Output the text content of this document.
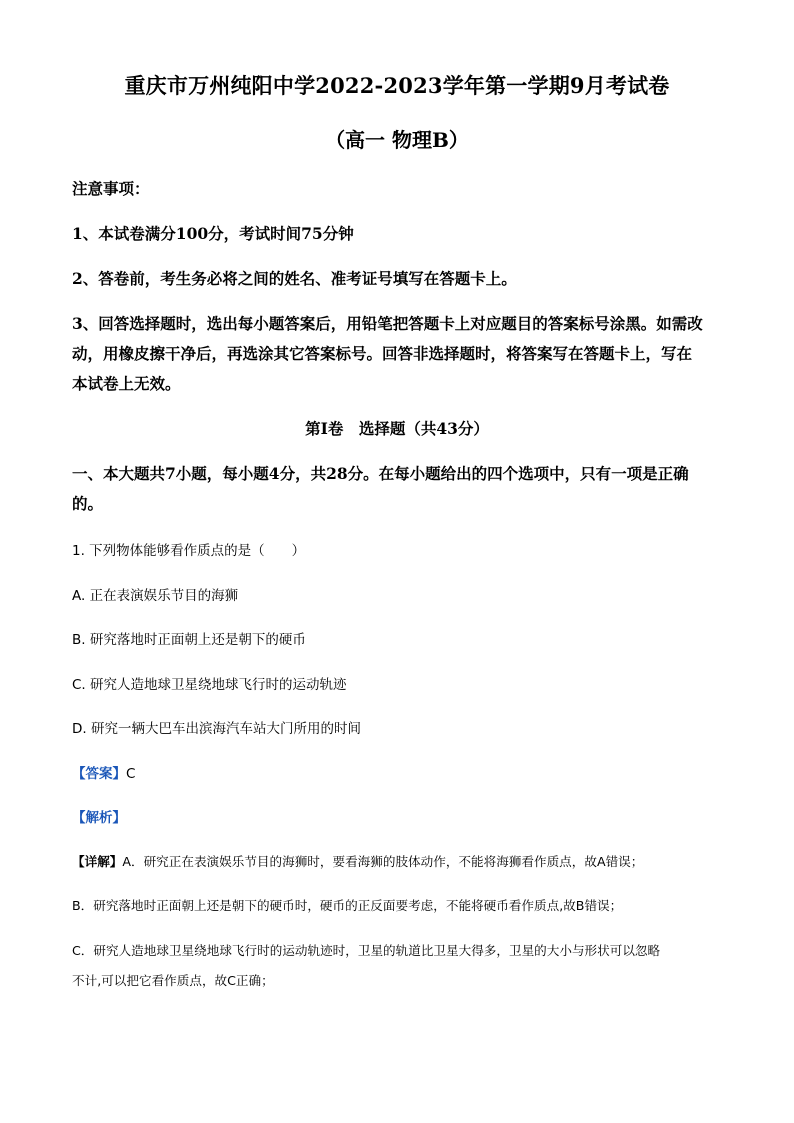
重庆市万州纯阳中学2022-2023学年第一学期9月考试卷
（高一 物理B）
注意事项：
1、本试卷满分100分，考试时间75分钟
2、答卷前，考生务必将之间的姓名、准考证号填写在答题卡上。
3、回答选择题时，选出每小题答案后，用铅笔把答题卡上对应题目的答案标号涂黑。如需改
动，用橡皮擦干净后，再选涂其它答案标号。回答非选择题时，将答案写在答题卡上，写在
本试卷上无效。
第Ⅰ卷　选择题（共43分）
一、本大题共7小题，每小题4分，共28分。在每小题给出的四个选项中，只有一项是正确
的。
1. 下列物体能够看作质点的是（　　）
A. 正在表演娱乐节目的海狮
B. 研究落地时正面朝上还是朝下的硬币
C. 研究人造地球卫星绕地球飞行时的运动轨迹
D. 研究一辆大巴车出滨海汽车站大门所用的时间
【答案】C
【解析】
【详解】A．研究正在表演娱乐节目的海狮时，要看海狮的肢体动作，不能将海狮看作质点，故A错误；
B．研究落地时正面朝上还是朝下的硬币时，硬币的正反面要考虑，不能将硬币看作质点,故B错误；
C．研究人造地球卫星绕地球飞行时的运动轨迹时，卫星的轨道比卫星大得多，卫星的大小与形状可以忽略
不计,可以把它看作质点，故C正确；
